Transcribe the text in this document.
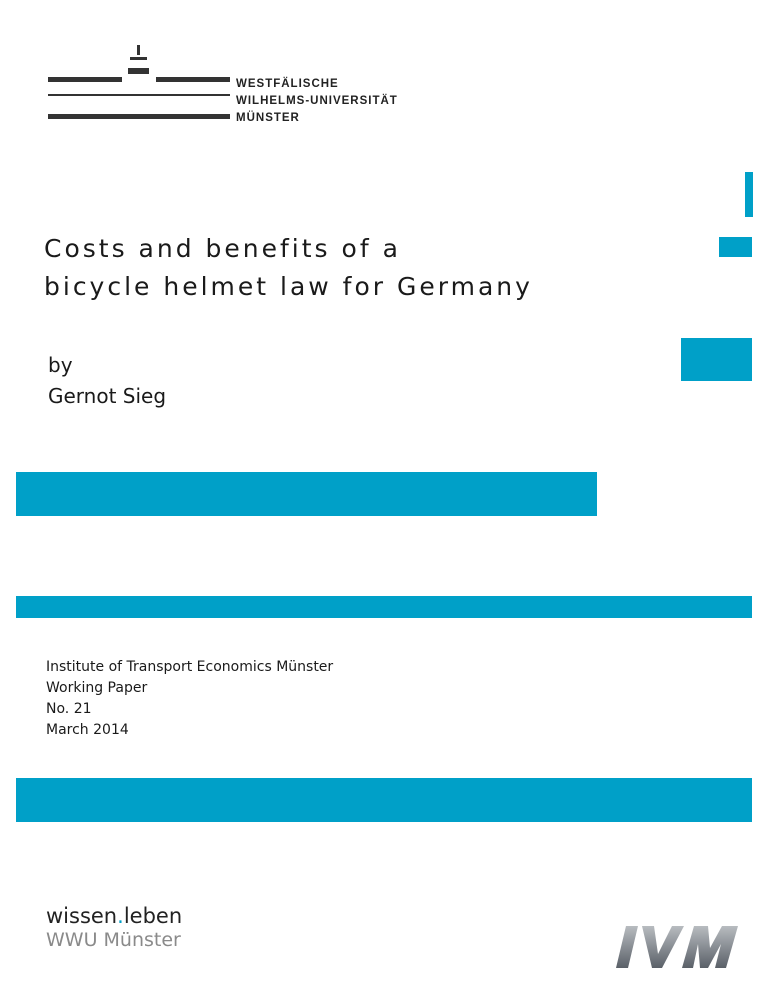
WESTFÄLISCHE
WILHELMS-UNIVERSITÄT
MÜNSTER
Costs and benefits of a
bicycle helmet law for Germany
by
Gernot Sieg
Institute of Transport Economics Münster
Working Paper
No. 21
March 2014
wissen.leben
WWU Münster
